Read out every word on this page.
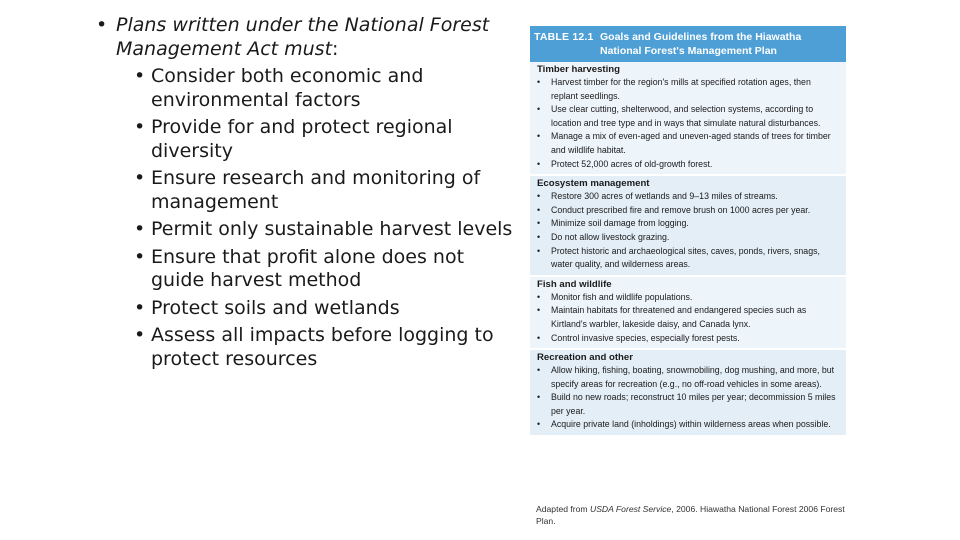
• Plans written under the National Forest Management Act must:
• Consider both economic and environmental factors
• Provide for and protect regional diversity
• Ensure research and monitoring of management
• Permit only sustainable harvest levels
• Ensure that profit alone does not guide harvest method
• Protect soils and wetlands
• Assess all impacts before logging to protect resources
TABLE 12.1 Goals and Guidelines from the Hiawatha National Forest's Management Plan
Timber harvesting
• Harvest timber for the region's mills at specified rotation ages, then replant seedlings.
• Use clear cutting, shelterwood, and selection systems, according to location and tree type and in ways that simulate natural disturbances.
• Manage a mix of even-aged and uneven-aged stands of trees for timber and wildlife habitat.
• Protect 52,000 acres of old-growth forest.
Ecosystem management
• Restore 300 acres of wetlands and 9–13 miles of streams.
• Conduct prescribed fire and remove brush on 1000 acres per year.
• Minimize soil damage from logging.
• Do not allow livestock grazing.
• Protect historic and archaeological sites, caves, ponds, rivers, snags, water quality, and wilderness areas.
Fish and wildlife
• Monitor fish and wildlife populations.
• Maintain habitats for threatened and endangered species such as Kirtland's warbler, lakeside daisy, and Canada lynx.
• Control invasive species, especially forest pests.
Recreation and other
• Allow hiking, fishing, boating, snowmobiling, dog mushing, and more, but specify areas for recreation (e.g., no off-road vehicles in some areas).
• Build no new roads; reconstruct 10 miles per year; decommission 5 miles per year.
• Acquire private land (inholdings) within wilderness areas when possible.
Adapted from USDA Forest Service, 2006. Hiawatha National Forest 2006 Forest Plan.
